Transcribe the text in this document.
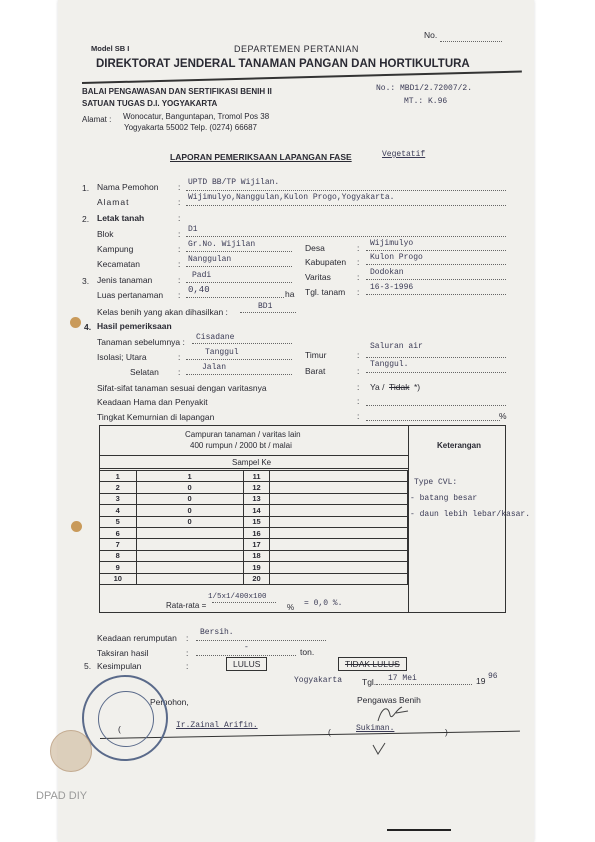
No.
Model SB I	DEPARTEMEN PERTANIAN
DIREKTORAT JENDERAL TANAMAN PANGAN DAN HORTIKULTURA
BALAI PENGAWASAN DAN SERTIFIKASI BENIH II
SATUAN TUGAS D.I. YOGYAKARTA
Alamat : Wonocatur, Banguntapan, Tromol Pos 38
Yogyakarta 55002 Telp. (0274) 66687
No.: MBD1/2.72007/2.
MT.: K.96
LAPORAN PEMERIKSAAN LAPANGAN FASE	Vegetatif
1. Nama Pemohon : UPTD BB/TP Wijilan.
Alamat	: Wijimulyo,Nanggulan,Kulon Progo,Yogyakarta.
2. Letak tanah	:
Blok	: D1
Kampung	: Gr.No. Wijilan	Desa	: Wijimulyo
Kecamatan	: Nanggulan	Kabupaten : Kulon Progo
3. Jenis tanaman	: Padi	Varitas	: Dodokan
Luas pertanaman : 0,40	ha Tgl. tanam : 16-3-1996
Kelas benih yang akan dihasilkan :
BD1
4. Hasil pemeriksaan
Tanaman sebelumnya : Cisadane
Isolasi; Utara	:	Tanggul	Timur	:
Saluran air
Selatan :	Jalan	Barat	:
Tanggul.
Sifat-sifat tanaman sesuai dengan varitasnya	: Ya / Tidak *)
Keadaan Hama dan Penyakit	:
Tingkat Kemurnian di lapangan	:	%
Campuran tanaman / varitas lain
400 rumpun / 2000 bt / malai
Sampel Ke
Keterangan
1	1	11	
2	0	12	
3	0	13	
4	0	14	
5	0	15	
6		16	
7		17	
8		18	
9		19	
10		20	
Rata-rata =
1/5x1/400x100
% = 0,0 %.
Type CVL:
- batang besar
- daun lebih lebar/kasar.
Keadaan rerumputan :
Bersih.
Taksiran hasil	:
-	ton.
5. Kesimpulan	:	LULUS	TIDAK LULUS
Yogyakarta Tgl. 17 Mei	19 96
Pemohon,	Pengawas Benih
(	Ir.Zainal Arifin.
(	Sukiman.	)
DPAD DIY
